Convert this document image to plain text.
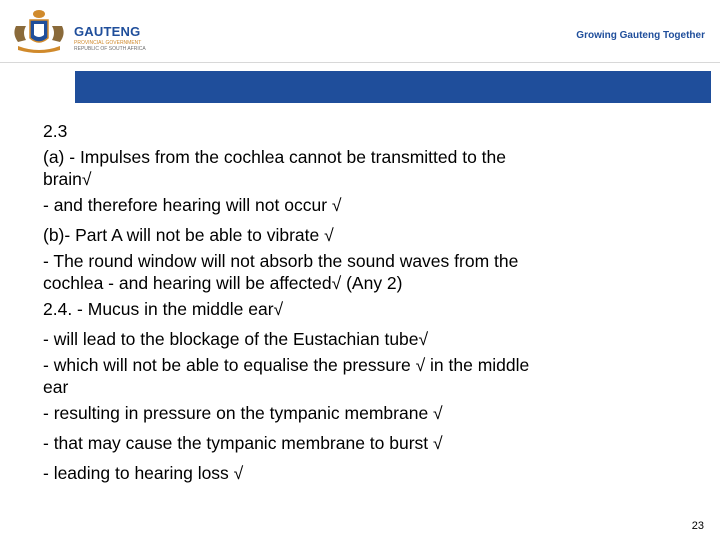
GAUTENG
PROVINCIAL GOVERNMENT
REPUBLIC OF SOUTH AFRICA
Growing Gauteng Together
2.3
(a) - Impulses from the cochlea cannot be transmitted to the
brain√
- and therefore hearing will not occur √
(b)- Part A will not be able to vibrate √
- The round window will not absorb the sound waves from the
cochlea - and hearing will be affected√ (Any 2)
2.4. - Mucus in the middle ear√
- will lead to the blockage of the Eustachian tube√
- which will not be able to equalise the pressure √ in the middle
ear
- resulting in pressure on the tympanic membrane √
- that may cause the tympanic membrane to burst √
- leading to hearing loss √
23
